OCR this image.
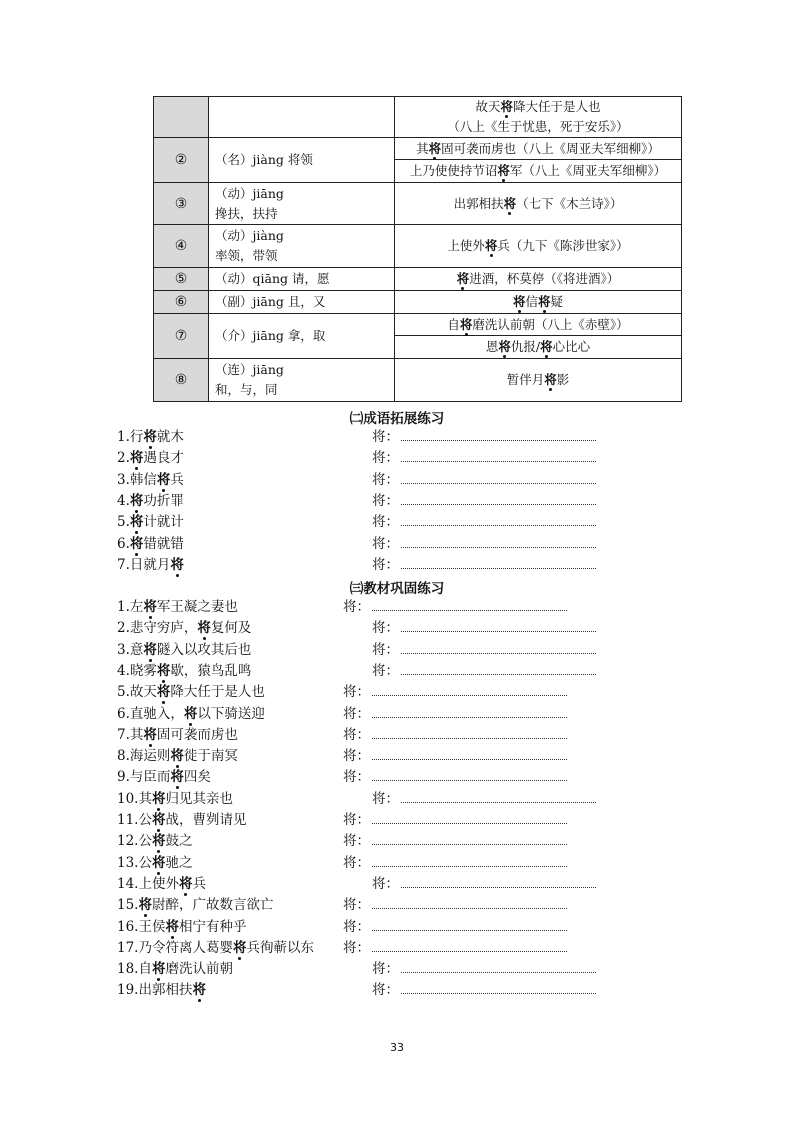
		故天将降大任于是人也
（八上《生于忧患，死于安乐》）

②	（名）jiàng 将领	其将固可袭而虏也（八上《周亚夫军细柳》）
		上乃使使持节诏将军（八上《周亚夫军细柳》）
③	（动）jiāng
搀扶，扶持	出郭相扶将（七下《木兰诗》）

④	（动）jiàng
率领，带领	上使外将兵（九下《陈涉世家》）

⑤	（动）qiāng 请，愿	将进酒，杯莫停（《将进酒》）

⑥	（副）jiāng 且，又	将信将疑

⑦	（介）jiāng 拿，取	自将磨洗认前朝（八上《赤壁》）
		恩将仇报/将心比心
⑧	（连）jiāng
和，与，同	暂伴月将影
㈡成语拓展练习
1.行将就木	将：
2.将遇良才	将：
3.韩信将兵	将：
4.将功折罪	将：
5.将计就计	将：
6.将错就错	将：
7.日就月将	将：
㈢教材巩固练习
1.左将军王凝之妻也	将：
2.悲守穷庐，将复何及	将：
3.意将隧入以攻其后也	将：
4.晓雾将歇，猿鸟乱鸣	将：
5.故天将降大任于是人也	将：
6.直驰入，将以下骑送迎	将：
7.其将固可袭而虏也	将：
8.海运则将徙于南冥	将：
9.与臣而将四矣	将：
10.其将归见其亲也	将：
11.公将战，曹刿请见	将：
12.公将鼓之	将：
13.公将驰之	将：
14.上使外将兵	将：
15.将尉醉，广故数言欲亡	将：
16.王侯将相宁有种乎	将：
17.乃令符离人葛婴将兵徇蕲以东 将：
18.自将磨洗认前朝	将：
19.出郭相扶将	将：
33
